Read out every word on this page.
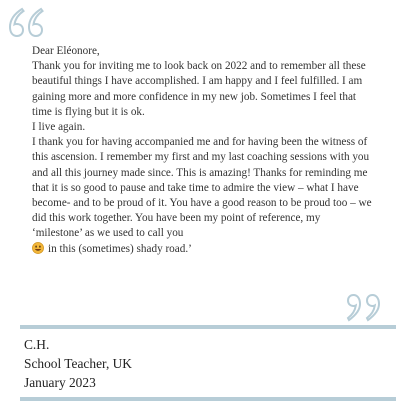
Dear Eléonore,

Thank you for inviting me to look back on 2022 and to remember all these beautiful things I have accomplished. I am happy and I feel fulfilled. I am gaining more and more confidence in my new job. Sometimes I feel that time is flying but it is ok.

I live again.

I thank you for having accompanied me and for having been the witness of this ascension. I remember my first and my last coaching sessions with you and all this journey made since. This is amazing! Thanks for reminding me that it is so good to pause and take time to admire the view – what I have become- and to be proud of it. You have a good reason to be proud too – we did this work together. You have been my point of reference, my ‘milestone’ as we used to call you

in this (sometimes) shady road.’

C.H.
School Teacher, UK
January 2023
